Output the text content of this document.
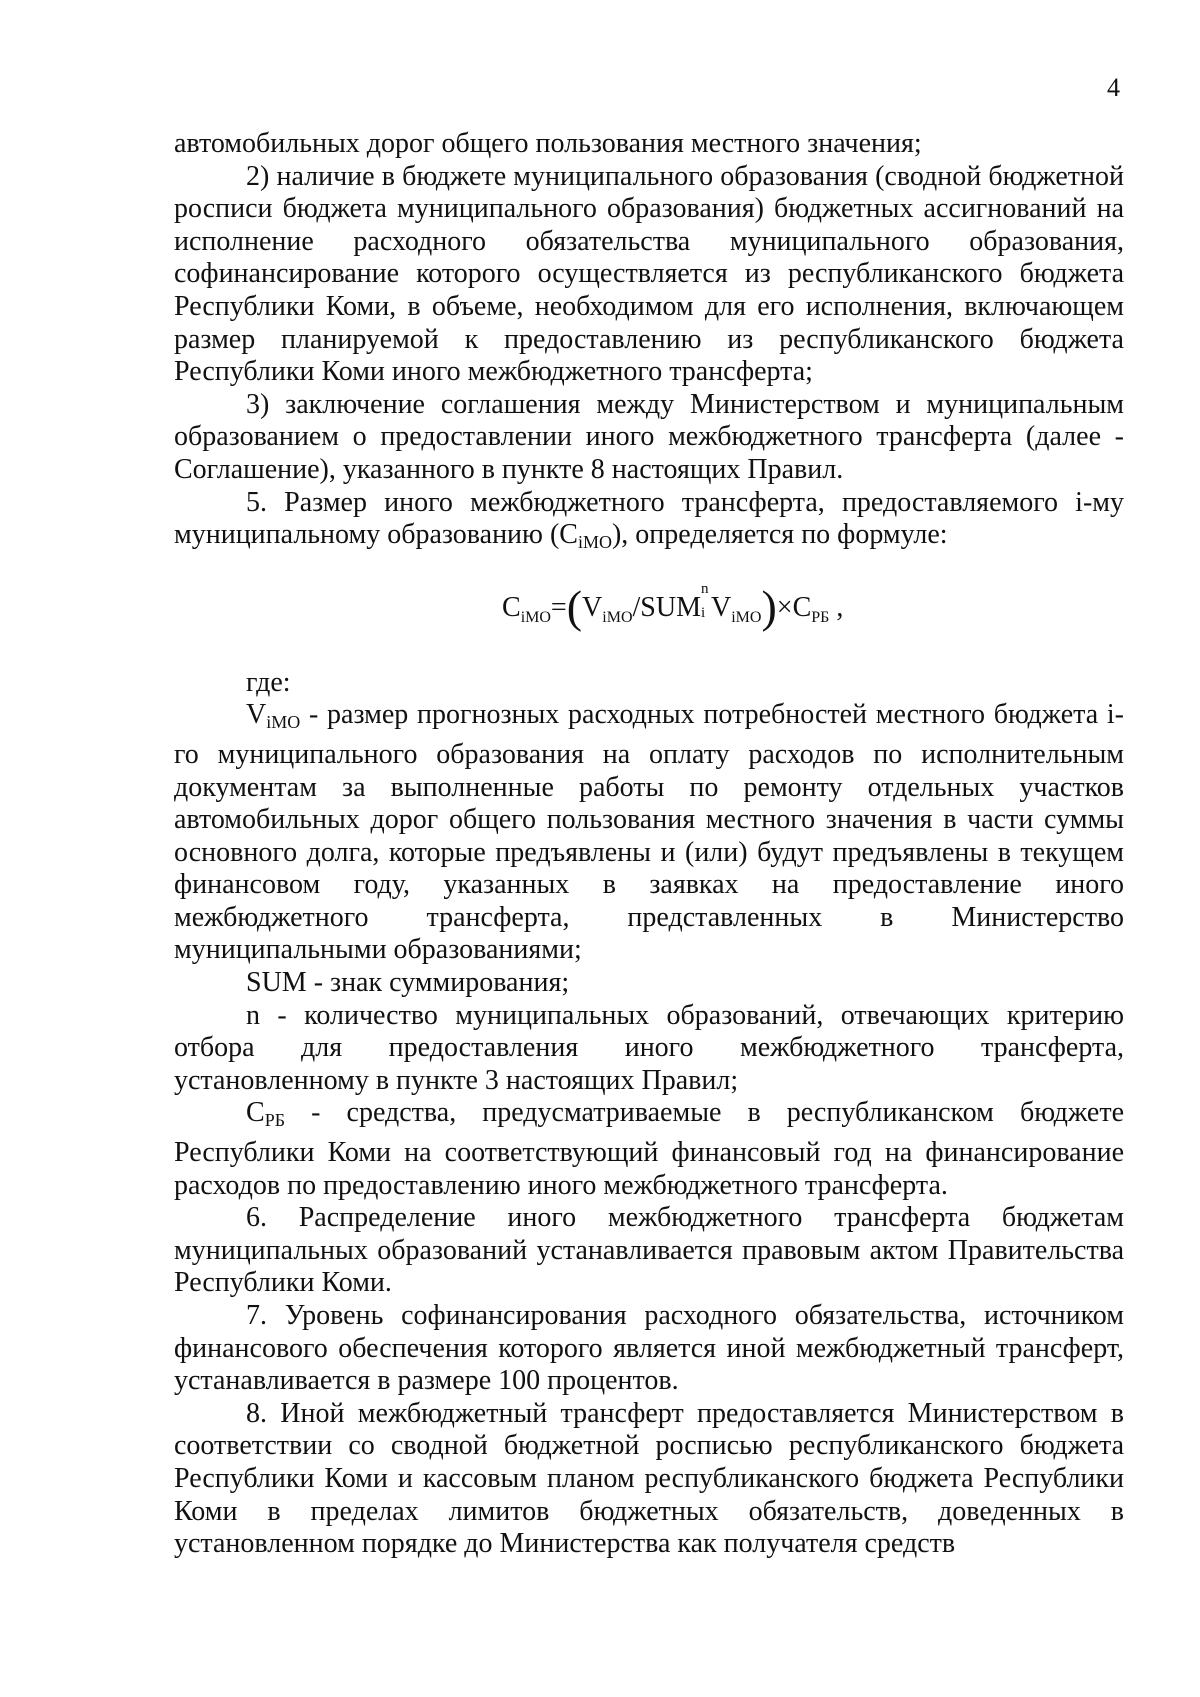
4

автомобильных дорог общего пользования местного значения;

2) наличие в бюджете муниципального образования (сводной бюджетной росписи бюджета муниципального образования) бюджетных ассигнований на исполнение расходного обязательства муниципального образования, софинансирование которого осуществляется из республиканского бюджета Республики Коми, в объеме, необходимом для его исполнения, включающем размер планируемой к предоставлению из республиканского бюджета Республики Коми иного межбюджетного трансферта;

3) заключение соглашения между Министерством и муниципальным образованием о предоставлении иного межбюджетного трансферта (далее - Соглашение), указанного в пункте 8 настоящих Правил.

5. Размер иного межбюджетного трансферта, предоставляемого i-му муниципальному образованию (CiMO), определяется по формуле:

$C_{iMO}=(V_{iMO}$/SUM
n
i $V_{iMO})\times C_{РБ}$ ,

где:

ViMO - размер прогнозных расходных потребностей местного бюджета i-го муниципального образования на оплату расходов по исполнительным документам за выполненные работы по ремонту отдельных участков автомобильных дорог общего пользования местного значения в части суммы основного долга, которые предъявлены и (или) будут предъявлены в текущем финансовом году, указанных в заявках на предоставление иного межбюджетного трансферта, представленных в Министерство муниципальными образованиями;

SUM - знак суммирования;

n - количество муниципальных образований, отвечающих критерию отбора для предоставления иного межбюджетного трансферта, установленному в пункте 3 настоящих Правил;

CРБ - средства, предусматриваемые в республиканском бюджете Республики Коми на соответствующий финансовый год на финансирование расходов по предоставлению иного межбюджетного трансферта.

6. Распределение иного межбюджетного трансферта бюджетам муниципальных образований устанавливается правовым актом Правительства Республики Коми.

7. Уровень софинансирования расходного обязательства, источником финансового обеспечения которого является иной межбюджетный трансферт, устанавливается в размере 100 процентов.

8. Иной межбюджетный трансферт предоставляется Министерством в соответствии со сводной бюджетной росписью республиканского бюджета Республики Коми и кассовым планом республиканского бюджета Республики Коми в пределах лимитов бюджетных обязательств, доведенных в установленном порядке до Министерства как получателя средств
